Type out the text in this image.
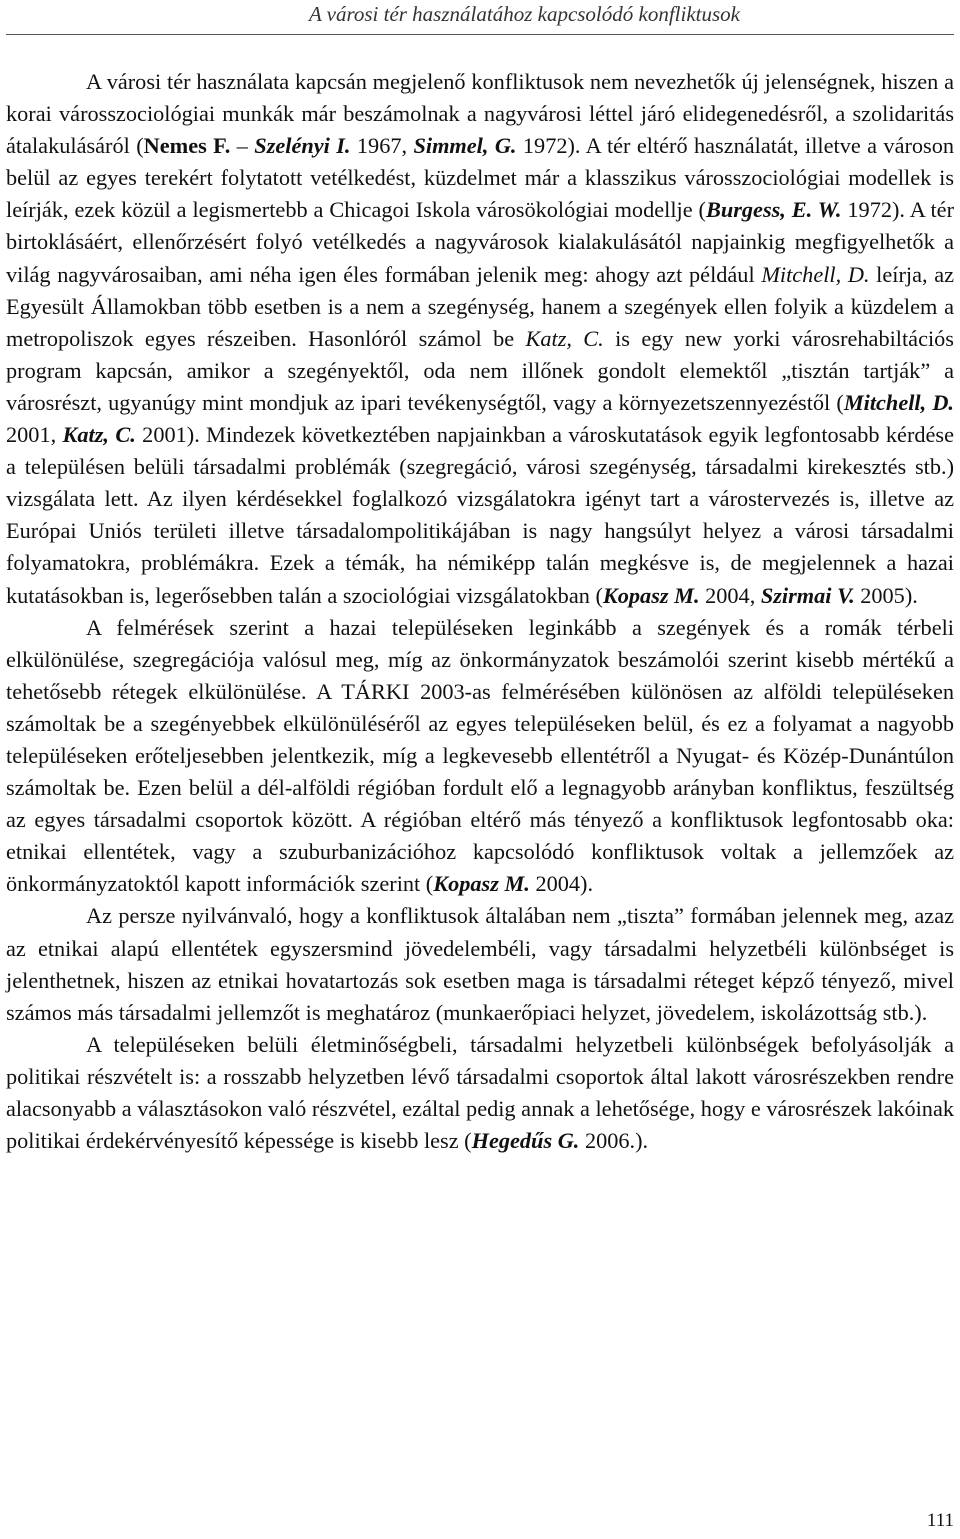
A városi tér használatához kapcsolódó konfliktusok

A városi tér használata kapcsán megjelenő konfliktusok nem nevezhetők új jelenségnek, hiszen a korai városszociológiai munkák már beszámolnak a nagyvárosi léttel járó elidegenedésről, a szolidaritás átalakulásáról (Nemes F. – Szelényi I. 1967, Simmel, G. 1972). A tér eltérő használatát, illetve a városon belül az egyes terekért folytatott vetélkedést, küzdelmet már a klasszikus városszociológiai modellek is leírják, ezek közül a legismertebb a Chicagoi Iskola városökológiai modellje (Burgess, E. W. 1972). A tér birtoklásáért, ellenőrzésért folyó vetélkedés a nagyvárosok kialakulásától napjainkig megfigyelhetők a világ nagyvárosaiban, ami néha igen éles formában jelenik meg: ahogy azt például Mitchell, D. leírja, az Egyesült Államokban több esetben is a nem a szegénység, hanem a szegények ellen folyik a küzdelem a metropoliszok egyes részeiben. Hasonlóról számol be Katz, C. is egy new yorki városrehabiltációs program kapcsán, amikor a szegényektől, oda nem illőnek gondolt elemektől „tisztán tartják” a városrészt, ugyanúgy mint mondjuk az ipari tevékenységtől, vagy a környezetszennyezéstől (Mitchell, D. 2001, Katz, C. 2001). Mindezek következtében napjainkban a városkutatások egyik legfontosabb kérdése a településen belüli társadalmi problémák (szegregáció, városi szegénység, társadalmi kirekesztés stb.) vizsgálata lett. Az ilyen kérdésekkel foglalkozó vizsgálatokra igényt tart a várostervezés is, illetve az Európai Uniós területi illetve társadalompolitikájában is nagy hangsúlyt helyez a városi társadalmi folyamatokra, problémákra. Ezek a témák, ha némiképp talán megkésve is, de megjelennek a hazai kutatásokban is, legerősebben talán a szociológiai vizsgálatokban (Kopasz M. 2004, Szirmai V. 2005).

A felmérések szerint a hazai településeken leginkább a szegények és a romák térbeli elkülönülése, szegregációja valósul meg, míg az önkormányzatok beszámolói szerint kisebb mértékű a tehetősebb rétegek elkülönülése. A TÁRKI 2003-as felmérésében különösen az alföldi településeken számoltak be a szegényebbek elkülönüléséről az egyes településeken belül, és ez a folyamat a nagyobb településeken erőteljesebben jelentkezik, míg a legkevesebb ellentétről a Nyugat- és Közép-Dunántúlon számoltak be. Ezen belül a dél-alföldi régióban fordult elő a legnagyobb arányban konfliktus, feszültség az egyes társadalmi csoportok között. A régióban eltérő más tényező a konfliktusok legfontosabb oka: etnikai ellentétek, vagy a szuburbanizációhoz kapcsolódó konfliktusok voltak a jellemzőek az önkormányzatoktól kapott információk szerint (Kopasz M. 2004).

Az persze nyilvánvaló, hogy a konfliktusok általában nem „tiszta” formában jelennek meg, azaz az etnikai alapú ellentétek egyszersmind jövedelembéli, vagy társadalmi helyzetbéli különbséget is jelenthetnek, hiszen az etnikai hovatartozás sok esetben maga is társadalmi réteget képző tényező, mivel számos más társadalmi jellemzőt is meghatároz (munkaerőpiaci helyzet, jövedelem, iskolázottság stb.).

A településeken belüli életminőségbeli, társadalmi helyzetbeli különbségek befolyásolják a politikai részvételt is: a rosszabb helyzetben lévő társadalmi csoportok által lakott városrészekben rendre alacsonyabb a választásokon való részvétel, ezáltal pedig annak a lehetősége, hogy e városrészek lakóinak politikai érdekérvényesítő képessége is kisebb lesz (Hegedűs G. 2006.).

111
